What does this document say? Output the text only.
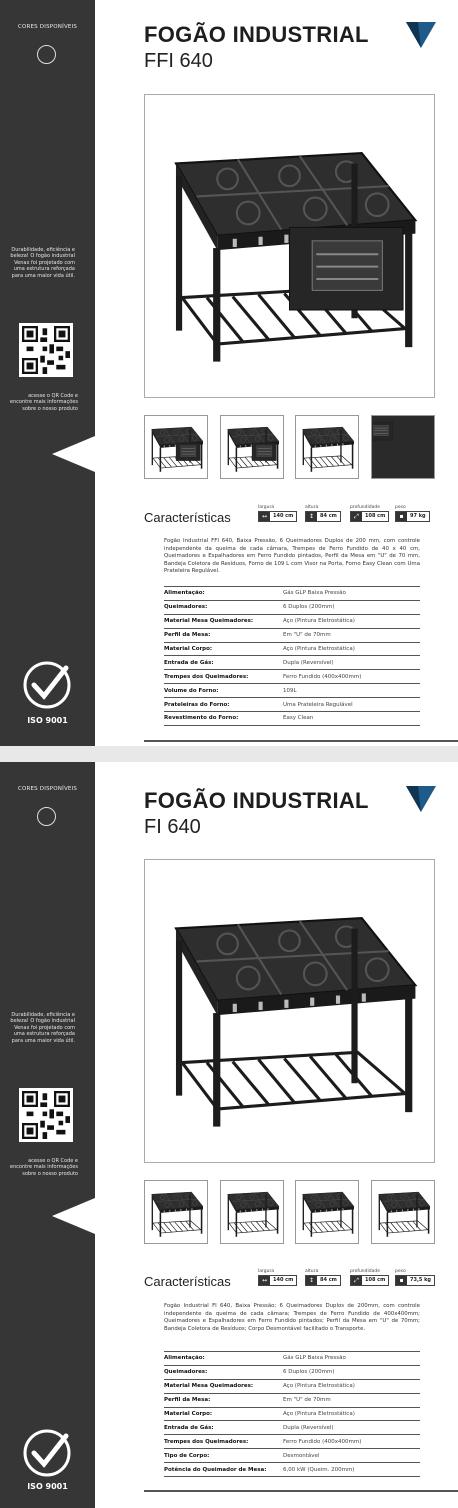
CORES DISPONÍVEIS
Durabilidade, eficiência e beleza! O fogão industrial Venax foi projetado com uma estrutura reforçada para uma maior vida útil.
acesse o QR Code e encontre mais informações sobre o nosso produto
ISO 9001
FOGÃO INDUSTRIAL
FFI 640
Características
largura
↔ 140 cm
altura
↕ 84 cm
profundidade
⤢ 108 cm
peso
▪ 97 kg
Fogão Industrial FFI 640, Baixa Pressão, 6 Queimadores Duplos de 200 mm, com controle independente da queima de cada câmara, Trempes de Ferro Fundido de 40 x 40 cm, Queimadores e Espalhadores em Ferro Fundido pintados, Perfil da Mesa em "U" de 70 mm, Bandeja Coletora de Resíduos, Forno de 109 L com Visor na Porta, Forno Easy Clean com Uma Prateleira Regulável.
Alimentação:	Gás GLP Baixa Pressão
Queimadores:	6 Duplos (200mm)
Material Mesa Queimadores:	Aço (Pintura Eletrostática)
Perfil da Mesa:	Em "U" de 70mm
Material Corpo:	Aço (Pintura Eletrostática)
Entrada de Gás:	Dupla (Reversível)
Trempes dos Queimadores:	Ferro Fundido (400x400mm)
Volume do Forno:	109L
Prateleiras do Forno:	Uma Prateleira Regulável
Revestimento do Forno:	Easy Clean
CORES DISPONÍVEIS
Durabilidade, eficiência e beleza! O fogão industrial Venax foi projetado com uma estrutura reforçada para uma maior vida útil.
acesse o QR Code e encontre mais informações sobre o nosso produto
ISO 9001
FOGÃO INDUSTRIAL
FI 640
Características
largura
↔ 140 cm
altura
↕ 84 cm
profundidade
⤢ 108 cm
peso
▪ 73,5 kg
Fogão Industrial FI 640, Baixa Pressão; 6 Queimadores Duplos de 200mm, com controle independente da queima de cada câmara; Trempes de Ferro Fundido de 400x400mm; Queimadores e Espalhadores em Ferro Fundido pintados; Perfil da Mesa em "U" de 70mm; Bandeja Coletora de Resíduos; Corpo Desmontável facilitado o Transporte.
Alimentação:	Gás GLP Baixa Pressão
Queimadores:	6 Duplos (200mm)
Material Mesa Queimadores:	Aço (Pintura Eletrostática)
Perfil da Mesa:	Em "U" de 70mm
Material Corpo:	Aço (Pintura Eletrostática)
Entrada de Gás:	Dupla (Reversível)
Trempes dos Queimadores:	Ferro Fundido (400x400mm)
Tipo de Corpo:	Desmontável
Potência do Queimador de Mesa:	6,00 kW (Queim. 200mm)
